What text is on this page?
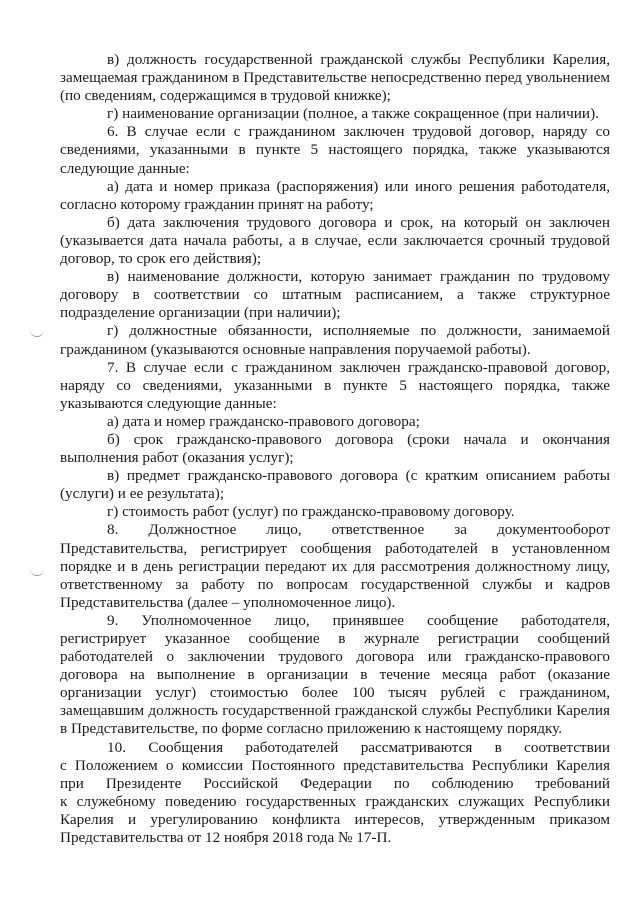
в) должность государственной гражданской службы Республики Карелия,
замещаемая гражданином в Представительстве непосредственно перед увольнением
(по сведениям, содержащимся в трудовой книжке);
г) наименование организации (полное, а также сокращенное (при наличии).
6. В случае если с гражданином заключен трудовой договор, наряду со
сведениями, указанными в пункте 5 настоящего порядка, также указываются
следующие данные:
а) дата и номер приказа (распоряжения) или иного решения работодателя,
согласно которому гражданин принят на работу;
б) дата заключения трудового договора и срок, на который он заключен
(указывается дата начала работы, а в случае, если заключается срочный трудовой
договор, то срок его действия);
в) наименование должности, которую занимает гражданин по трудовому
договору в соответствии со штатным расписанием, а также структурное
подразделение организации (при наличии);
г) должностные обязанности, исполняемые по должности, занимаемой
гражданином (указываются основные направления поручаемой работы).
7. В случае если с гражданином заключен гражданско-правовой договор,
наряду со сведениями, указанными в пункте 5 настоящего порядка, также
указываются следующие данные:
а) дата и номер гражданско-правового договора;
б) срок гражданско-правового договора (сроки начала и окончания
выполнения работ (оказания услуг);
в) предмет гражданско-правового договора (с кратким описанием работы
(услуги) и ее результата);
г) стоимость работ (услуг) по гражданско-правовому договору.
8. Должностное лицо, ответственное за документооборот
Представительства, регистрирует сообщения работодателей в установленном
порядке и в день регистрации передают их для рассмотрения должностному лицу,
ответственному за работу по вопросам государственной службы и кадров
Представительства (далее – уполномоченное лицо).
9. Уполномоченное лицо, принявшее сообщение работодателя,
регистрирует указанное сообщение в журнале регистрации сообщений
работодателей о заключении трудового договора или гражданско-правового
договора на выполнение в организации в течение месяца работ (оказание
организации услуг) стоимостью более 100 тысяч рублей с гражданином,
замещавшим должность государственной гражданской службы Республики Карелия
в Представительстве, по форме согласно приложению к настоящему порядку.
10. Сообщения работодателей рассматриваются в соответствии
с Положением о комиссии Постоянного представительства Республики Карелия
при Президенте Российской Федерации по соблюдению требований
к служебному поведению государственных гражданских служащих Республики
Карелия и урегулированию конфликта интересов, утвержденным приказом
Представительства от 12 ноября 2018 года № 17-П.
